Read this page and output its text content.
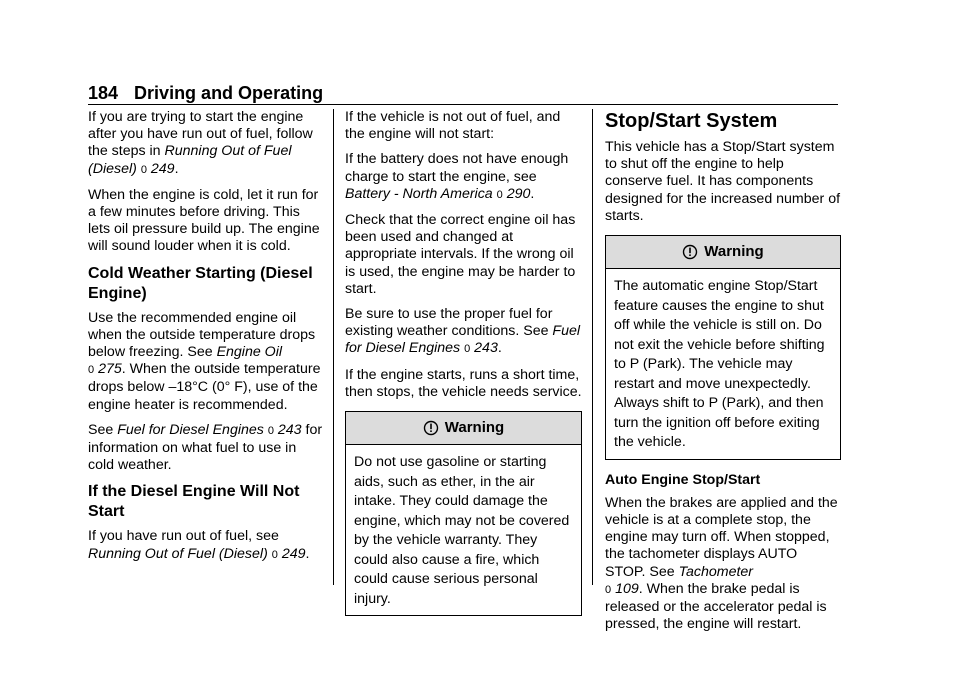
184 Driving and Operating

If you are trying to start the engine after you have run out of fuel, follow the steps in Running Out of Fuel (Diesel) 0 249.

When the engine is cold, let it run for a few minutes before driving. This lets oil pressure build up. The engine will sound louder when it is cold.

Cold Weather Starting (Diesel Engine)

Use the recommended engine oil when the outside temperature drops below freezing. See Engine Oil
0 275. When the outside temperature drops below –18°C (0° F), use of the engine heater is recommended.

See Fuel for Diesel Engines 0 243 for information on what fuel to use in cold weather.

If the Diesel Engine Will Not Start

If you have run out of fuel, see Running Out of Fuel (Diesel) 0 249.

If the vehicle is not out of fuel, and the engine will not start:

If the battery does not have enough charge to start the engine, see Battery - North America 0 290.

Check that the correct engine oil has been used and changed at appropriate intervals. If the wrong oil is used, the engine may be harder to start.

Be sure to use the proper fuel for existing weather conditions. See Fuel for Diesel Engines 0 243.

If the engine starts, runs a short time, then stops, the vehicle needs service.

Warning
Do not use gasoline or starting aids, such as ether, in the air intake. They could damage the engine, which may not be covered by the vehicle warranty. They could also cause a fire, which could cause serious personal injury.
Stop/Start System

This vehicle has a Stop/Start system to shut off the engine to help conserve fuel. It has components designed for the increased number of starts.

Warning
The automatic engine Stop/Start feature causes the engine to shut off while the vehicle is still on. Do not exit the vehicle before shifting to P (Park). The vehicle may restart and move unexpectedly. Always shift to P (Park), and then turn the ignition off before exiting the vehicle.
Auto Engine Stop/Start

When the brakes are applied and the vehicle is at a complete stop, the engine may turn off. When stopped, the tachometer displays AUTO STOP. See Tachometer
0 109. When the brake pedal is released or the accelerator pedal is pressed, the engine will restart.
